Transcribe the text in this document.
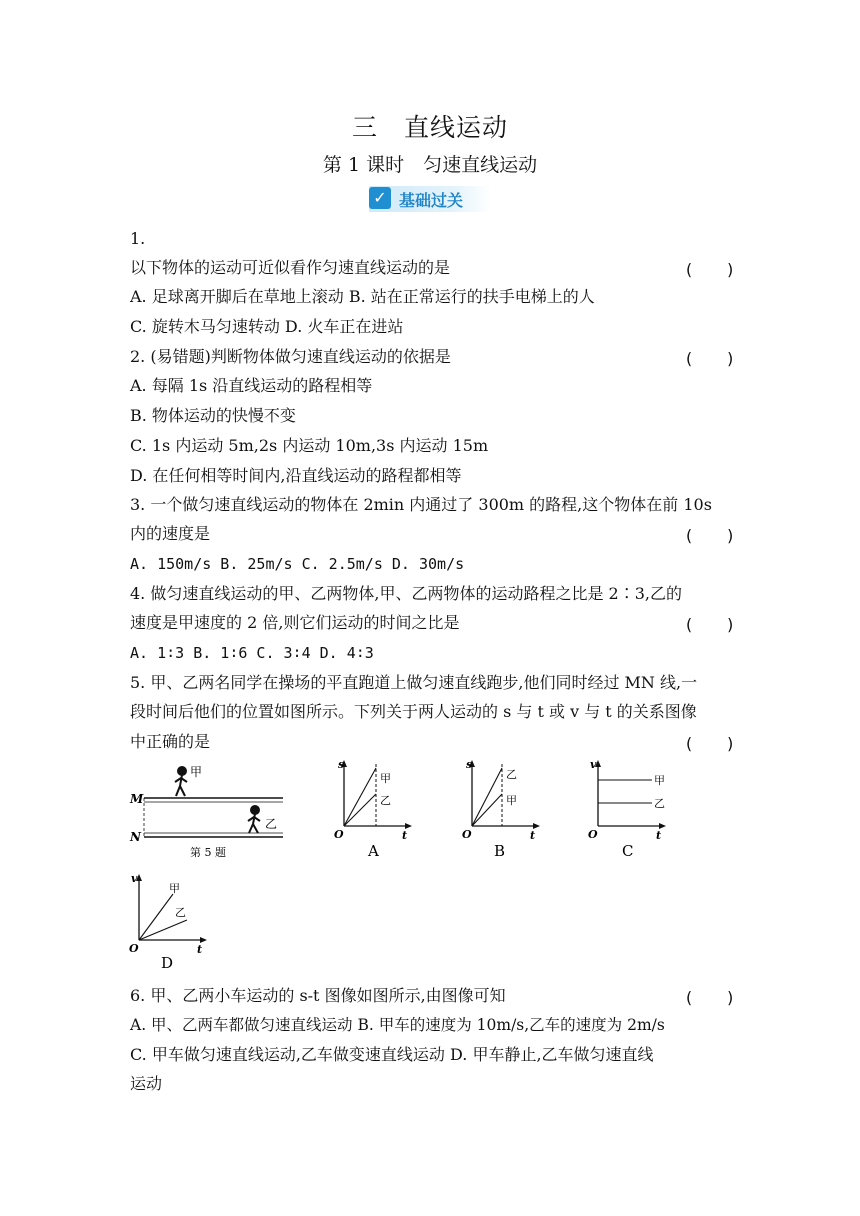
三　直线运动
第 1 课时　匀速直线运动
✓ 基础过关
1.
以下物体的运动可近似看作匀速直线运动的是	(　　)
A. 足球离开脚后在草地上滚动 B. 站在正常运行的扶手电梯上的人
C. 旋转木马匀速转动 D. 火车正在进站
2. (易错题)判断物体做匀速直线运动的依据是	(　　)
A. 每隔 1s 沿直线运动的路程相等
B. 物体运动的快慢不变
C. 1s 内运动 5m,2s 内运动 10m,3s 内运动 15m
D. 在任何相等时间内,沿直线运动的路程都相等
3. 一个做匀速直线运动的物体在 2min 内通过了 300m 的路程,这个物体在前 10s
内的速度是	(　　)
A. 150m/s B. 25m/s C. 2.5m/s D. 30m/s
4. 做匀速直线运动的甲、乙两物体,甲、乙两物体的运动路程之比是 2∶3,乙的
速度是甲速度的 2 倍,则它们运动的时间之比是	(　　)
A. 1∶3 B. 1∶6 C. 3∶4 D. 4∶3
5. 甲、乙两名同学在操场的平直跑道上做匀速直线跑步,他们同时经过 MN 线,一
段时间后他们的位置如图所示。下列关于两人运动的 s 与 t 或 v 与 t 的关系图像
中正确的是	(　　)
M
N
甲
乙
第 5 题
s
t
O
甲
乙
A
s
t
O
乙
甲
B
v
t
O
甲
乙
C
v
t
O
甲
乙
D
6. 甲、乙两小车运动的 s-t 图像如图所示,由图像可知	(　　)
A. 甲、乙两车都做匀速直线运动 B. 甲车的速度为 10m/s,乙车的速度为 2m/s
C. 甲车做匀速直线运动,乙车做变速直线运动 D. 甲车静止,乙车做匀速直线
运动
